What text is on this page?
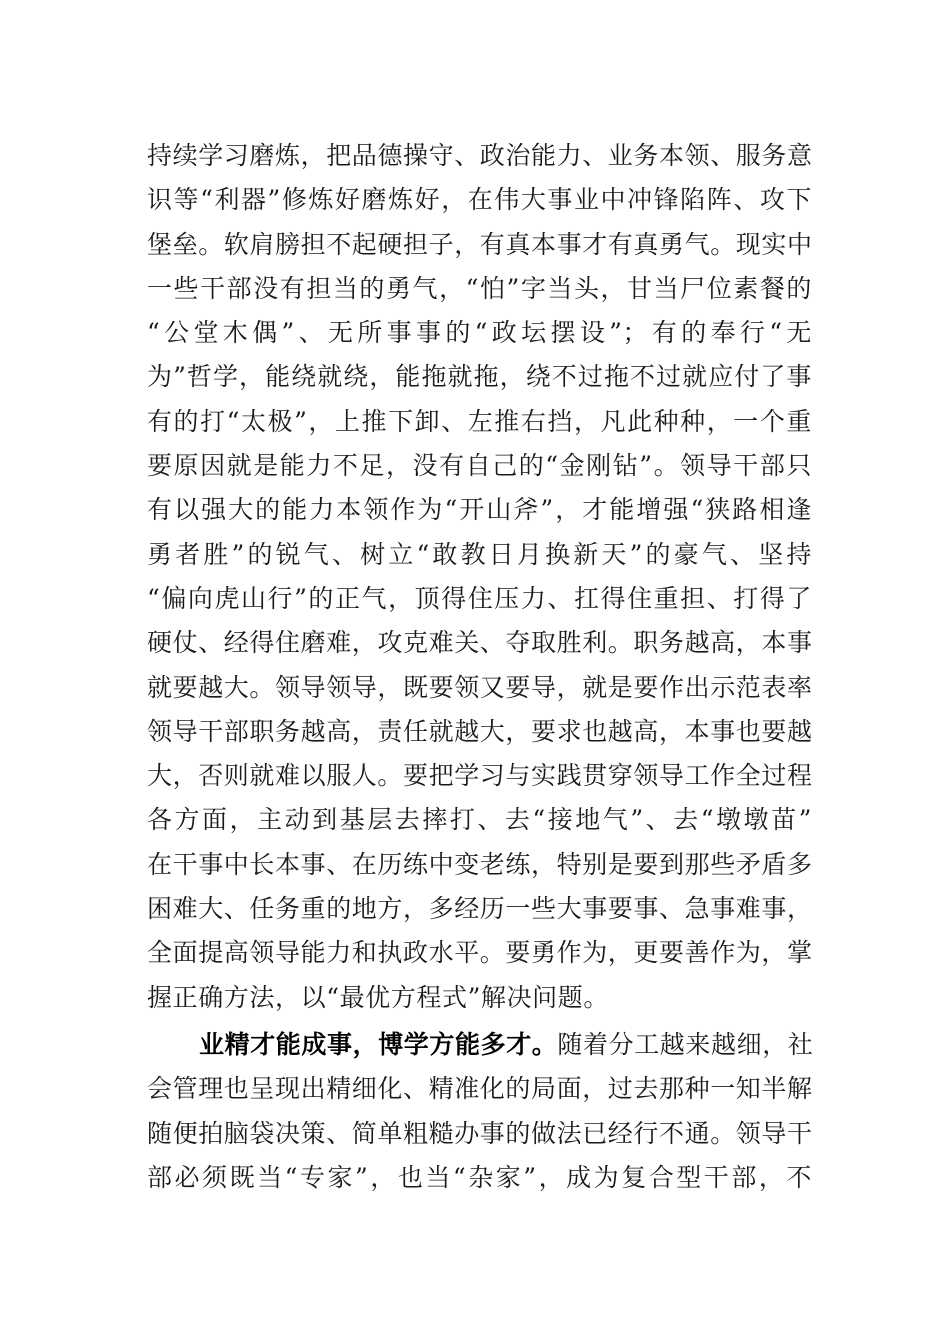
持续学习磨炼，把品德操守、政治能力、业务本领、服务意
识等“利器”修炼好磨炼好，在伟大事业中冲锋陷阵、攻下
堡垒。软肩膀担不起硬担子，有真本事才有真勇气。现实中
一些干部没有担当的勇气，“怕”字当头，甘当尸位素餐的
“公堂木偶”、无所事事的“政坛摆设”；有的奉行“无
为”哲学，能绕就绕，能拖就拖，绕不过拖不过就应付了事
有的打“太极”，上推下卸、左推右挡，凡此种种，一个重
要原因就是能力不足，没有自己的“金刚钻”。领导干部只
有以强大的能力本领作为“开山斧”，才能增强“狭路相逢
勇者胜”的锐气、树立“敢教日月换新天”的豪气、坚持
“偏向虎山行”的正气，顶得住压力、扛得住重担、打得了
硬仗、经得住磨难，攻克难关、夺取胜利。职务越高，本事
就要越大。领导领导，既要领又要导，就是要作出示范表率
领导干部职务越高，责任就越大，要求也越高，本事也要越
大，否则就难以服人。要把学习与实践贯穿领导工作全过程
各方面，主动到基层去摔打、去“接地气”、去“墩墩苗”
在干事中长本事、在历练中变老练，特别是要到那些矛盾多
困难大、任务重的地方，多经历一些大事要事、急事难事，
全面提高领导能力和执政水平。要勇作为，更要善作为，掌
握正确方法，以“最优方程式”解决问题。
业精才能成事，博学方能多才。随着分工越来越细，社
会管理也呈现出精细化、精准化的局面，过去那种一知半解
随便拍脑袋决策、简单粗糙办事的做法已经行不通。领导干
部必须既当“专家”，也当“杂家”，成为复合型干部，不
